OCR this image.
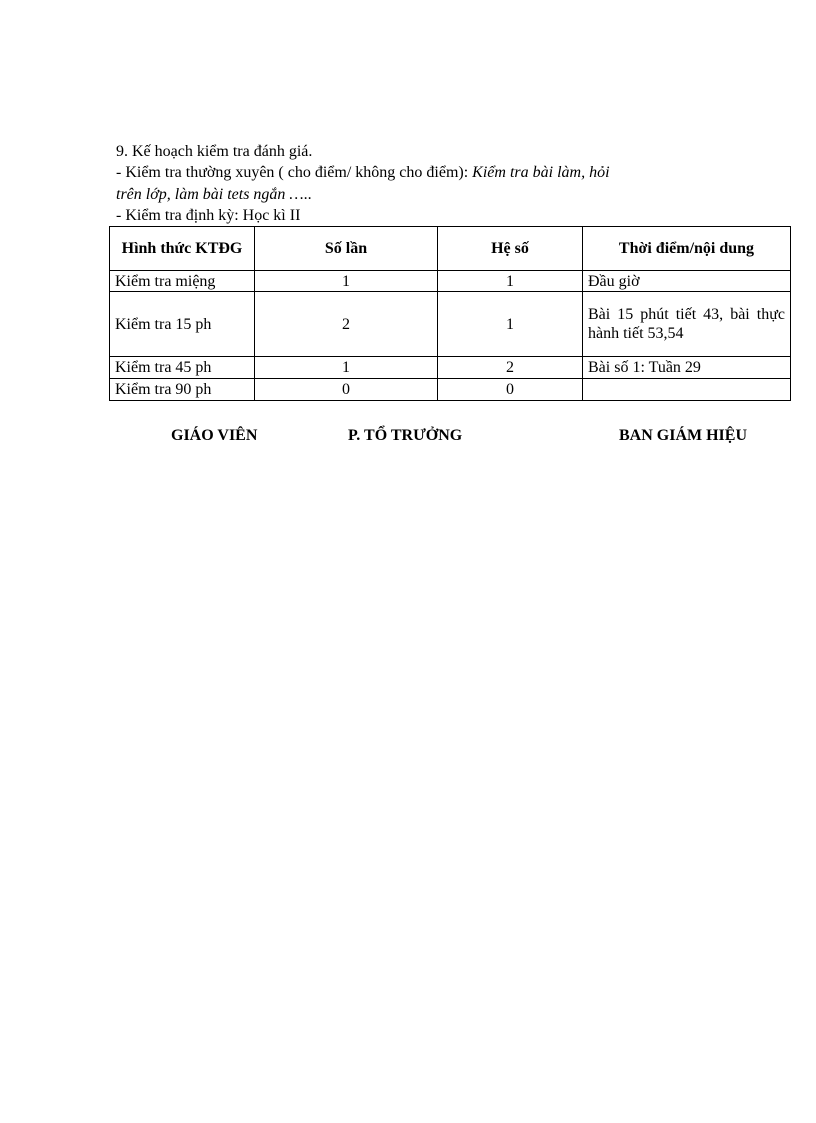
9. Kế hoạch kiểm tra đánh giá.
- Kiểm tra thường xuyên ( cho điểm/ không cho điểm): Kiểm tra bài làm, hỏi
trên lớp, làm bài tets ngắn …..
- Kiểm tra định kỳ: Học kì II
Hình thức KTĐG	Số lần	Hệ số	Thời điểm/nội dung
Kiểm tra miệng	1	1	Đầu giờ
Kiểm tra 15 ph	2	1	Bài 15 phút tiết 43, bài thực hành tiết 53,54
Kiểm tra 45 ph	1	2	Bài số 1: Tuần 29
Kiểm tra 90 ph	0	0	
GIÁO VIÊN	P. TỔ TRƯỞNG	BAN GIÁM HIỆU
